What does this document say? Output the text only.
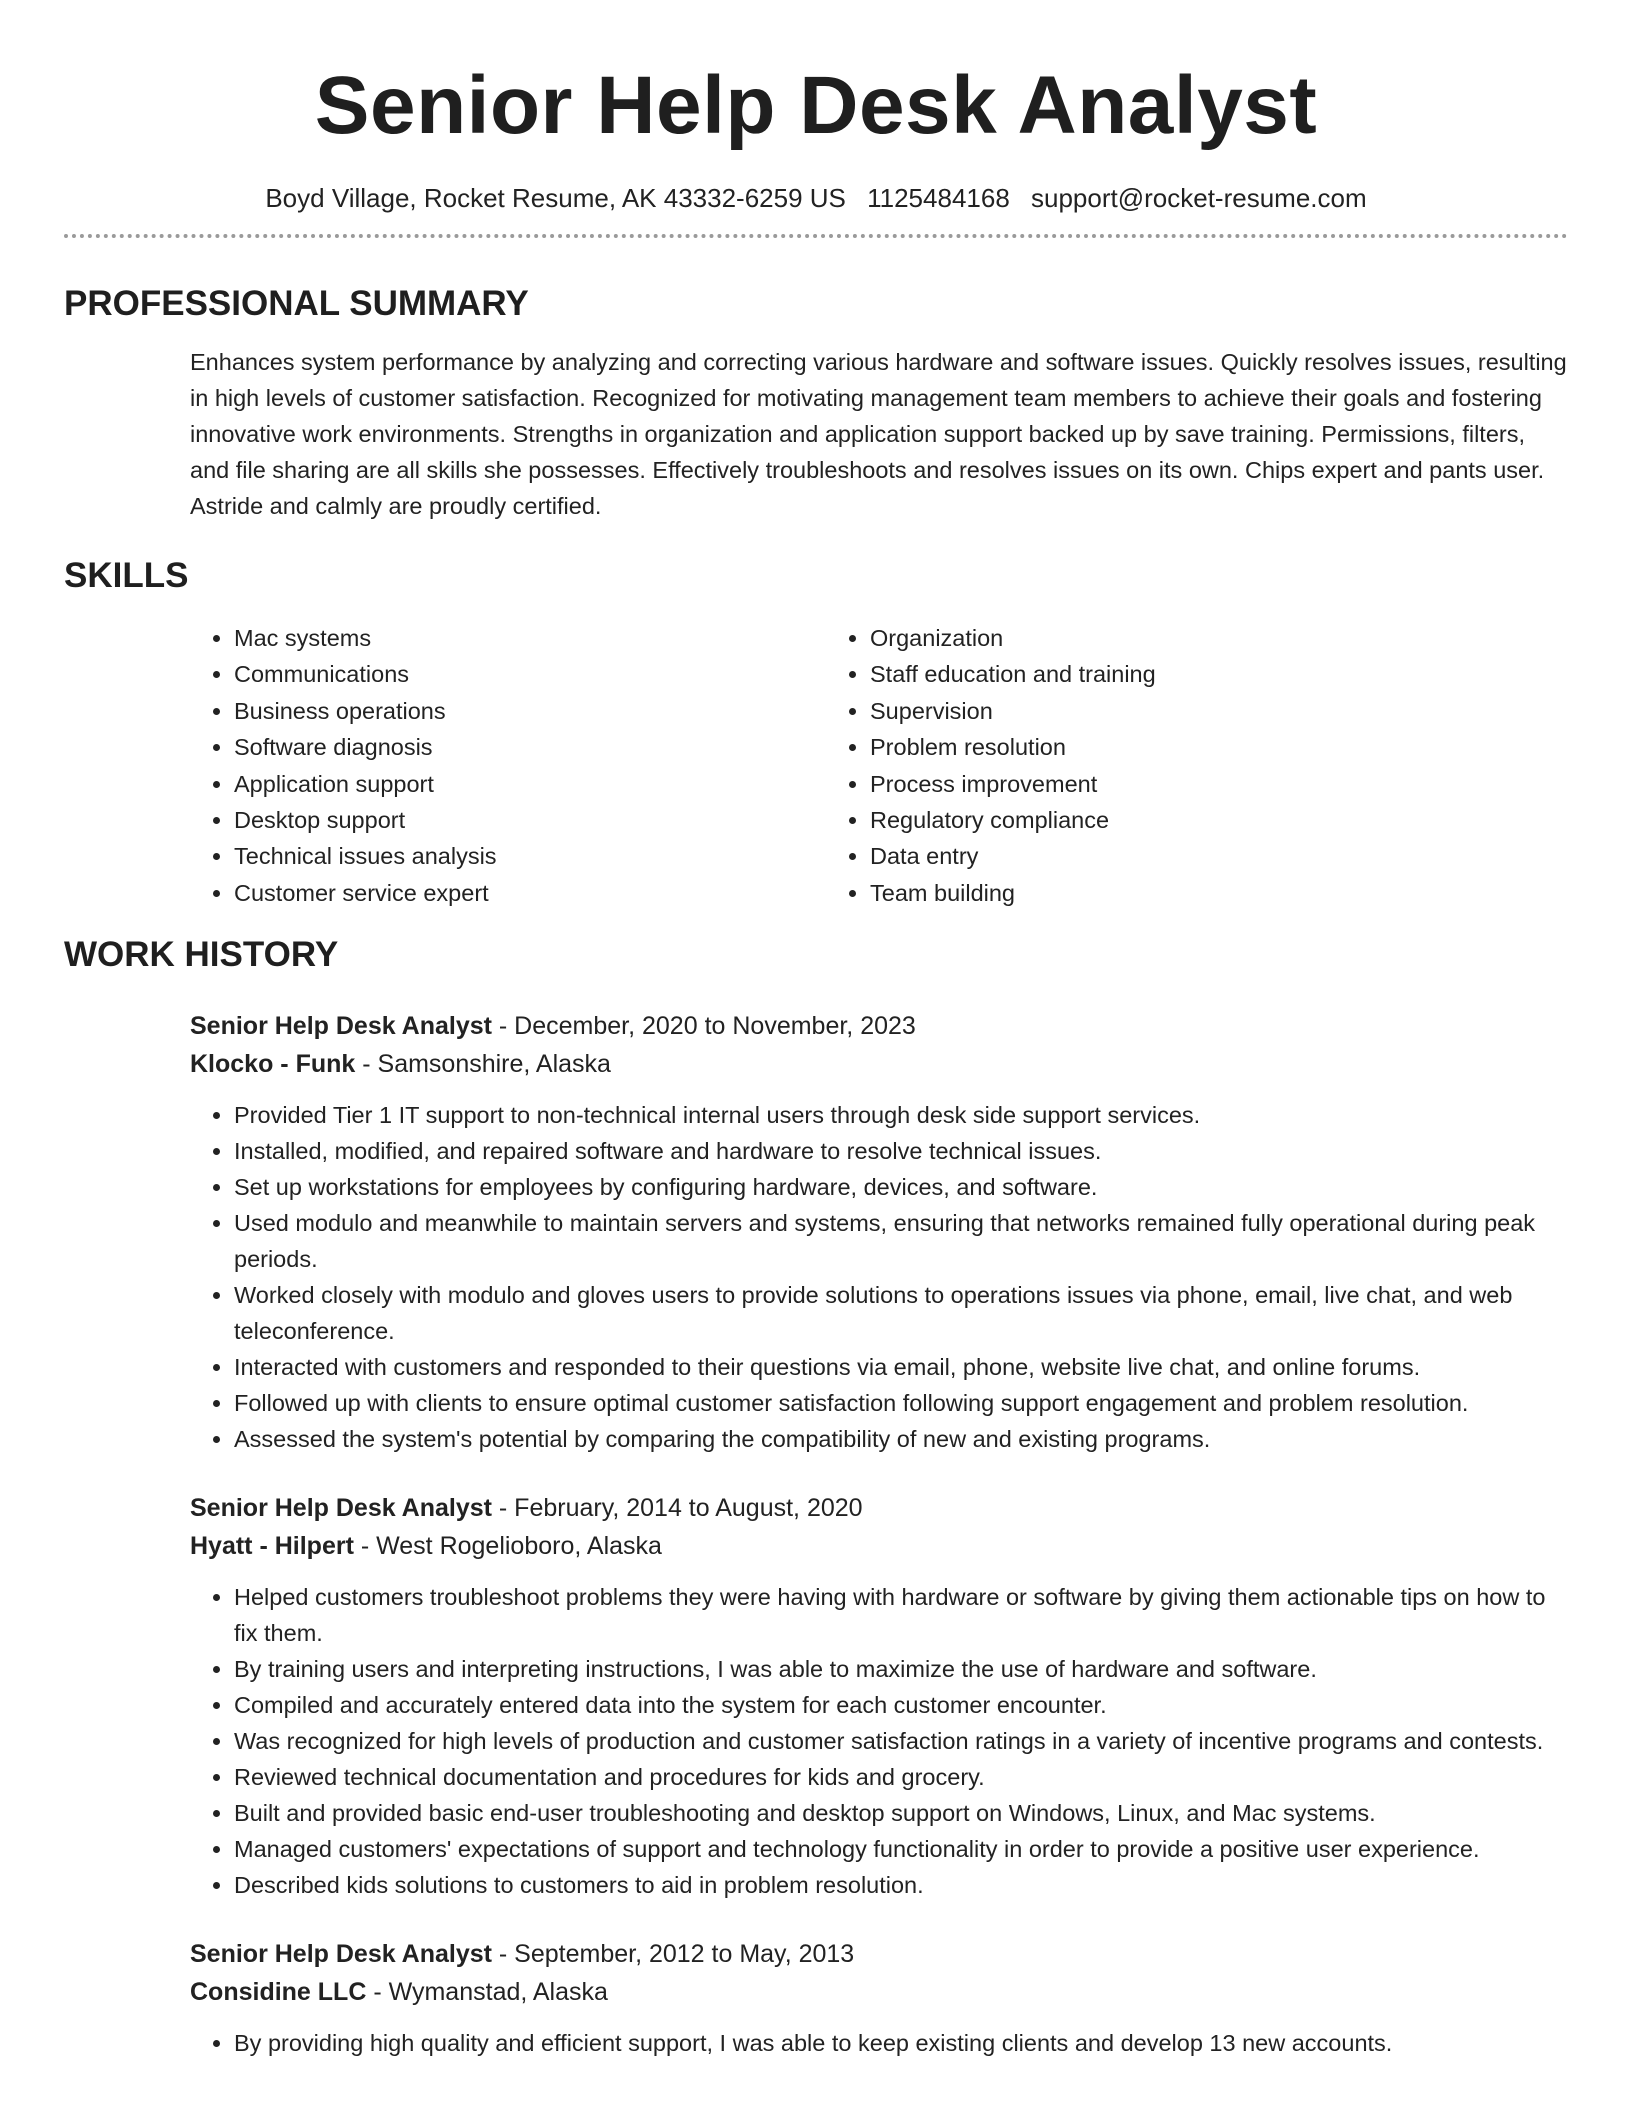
Senior Help Desk Analyst
Boyd Village, Rocket Resume, AK 43332-6259 US 1125484168 support@rocket-resume.com
PROFESSIONAL SUMMARY

Enhances system performance by analyzing and correcting various hardware and software issues. Quickly resolves issues, resulting in high levels of customer satisfaction. Recognized for motivating management team members to achieve their goals and fostering innovative work environments. Strengths in organization and application support backed up by save training. Permissions, filters, and file sharing are all skills she possesses. Effectively troubleshoots and resolves issues on its own. Chips expert and pants user. Astride and calmly are proudly certified.

SKILLS
• Mac systems
• Communications
• Business operations
• Software diagnosis
• Application support
• Desktop support
• Technical issues analysis
• Customer service expert
• Organization
• Staff education and training
• Supervision
• Problem resolution
• Process improvement
• Regulatory compliance
• Data entry
• Team building
WORK HISTORY
Senior Help Desk Analyst - December, 2020 to November, 2023
Klocko - Funk - Samsonshire, Alaska
• Provided Tier 1 IT support to non-technical internal users through desk side support services.
• Installed, modified, and repaired software and hardware to resolve technical issues.
• Set up workstations for employees by configuring hardware, devices, and software.
• Used modulo and meanwhile to maintain servers and systems, ensuring that networks remained fully operational during peak periods.
• Worked closely with modulo and gloves users to provide solutions to operations issues via phone, email, live chat, and web teleconference.
• Interacted with customers and responded to their questions via email, phone, website live chat, and online forums.
• Followed up with clients to ensure optimal customer satisfaction following support engagement and problem resolution.
• Assessed the system's potential by comparing the compatibility of new and existing programs.
Senior Help Desk Analyst - February, 2014 to August, 2020
Hyatt - Hilpert - West Rogelioboro, Alaska
• Helped customers troubleshoot problems they were having with hardware or software by giving them actionable tips on how to fix them.
• By training users and interpreting instructions, I was able to maximize the use of hardware and software.
• Compiled and accurately entered data into the system for each customer encounter.
• Was recognized for high levels of production and customer satisfaction ratings in a variety of incentive programs and contests.
• Reviewed technical documentation and procedures for kids and grocery.
• Built and provided basic end-user troubleshooting and desktop support on Windows, Linux, and Mac systems.
• Managed customers' expectations of support and technology functionality in order to provide a positive user experience.
• Described kids solutions to customers to aid in problem resolution.
Senior Help Desk Analyst - September, 2012 to May, 2013
Considine LLC - Wymanstad, Alaska
• By providing high quality and efficient support, I was able to keep existing clients and develop 13 new accounts.
